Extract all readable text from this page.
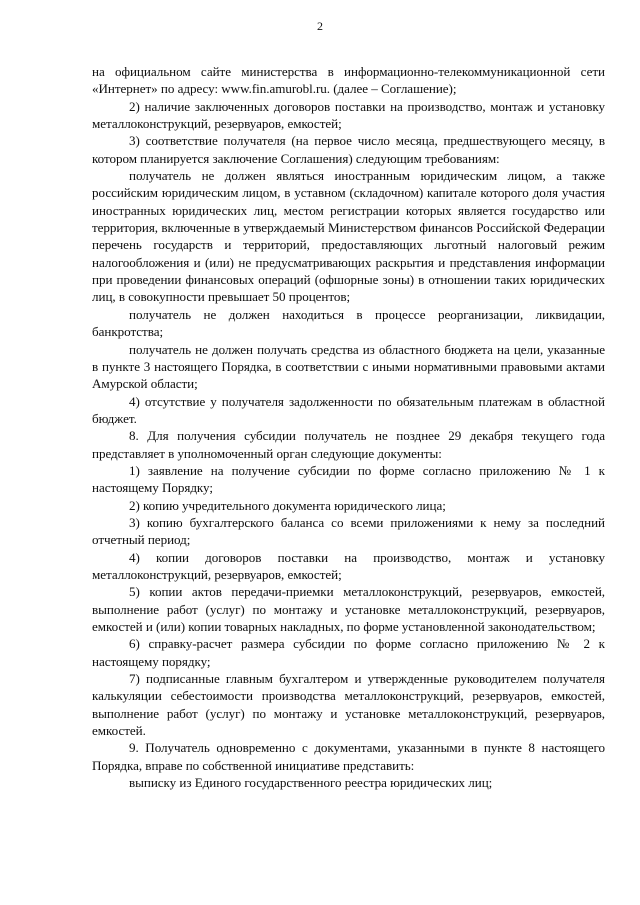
2

на официальном сайте министерства в информационно-телекоммуникационной сети «Интернет» по адресу: www.fin.amurobl.ru. (далее – Соглашение);

2) наличие заключенных договоров поставки на производство, монтаж и установку металлоконструкций, резервуаров, емкостей;

3) соответствие получателя (на первое число месяца, предшествующего месяцу, в котором планируется заключение Соглашения) следующим требованиям:

получатель не должен являться иностранным юридическим лицом, а также российским юридическим лицом, в уставном (складочном) капитале которого доля участия иностранных юридических лиц, местом регистрации которых является государство или территория, включенные в утверждаемый Министерством финансов Российской Федерации перечень государств и территорий, предоставляющих льготный налоговый режим налогообложения и (или) не предусматривающих раскрытия и представления информации при проведении финансовых операций (офшорные зоны) в отношении таких юридических лиц, в совокупности превышает 50 процентов;

получатель не должен находиться в процессе реорганизации, ликвидации, банкротства;

получатель не должен получать средства из областного бюджета на цели, указанные в пункте 3 настоящего Порядка, в соответствии с иными нормативными правовыми актами Амурской области;

4) отсутствие у получателя задолженности по обязательным платежам в областной бюджет.

8. Для получения субсидии получатель не позднее 29 декабря текущего года представляет в уполномоченный орган следующие документы:

1) заявление на получение субсидии по форме согласно приложению № 1 к настоящему Порядку;

2) копию учредительного документа юридического лица;

3) копию бухгалтерского баланса со всеми приложениями к нему за последний отчетный период;

4) копии договоров поставки на производство, монтаж и установку металлоконструкций, резервуаров, емкостей;

5) копии актов передачи-приемки металлоконструкций, резервуаров, емкостей, выполнение работ (услуг) по монтажу и установке металлоконструкций, резервуаров, емкостей и (или) копии товарных накладных, по форме установленной законодательством;

6) справку-расчет размера субсидии по форме согласно приложению № 2 к настоящему порядку;

7) подписанные главным бухгалтером и утвержденные руководителем получателя калькуляции себестоимости производства металлоконструкций, резервуаров, емкостей, выполнение работ (услуг) по монтажу и установке металлоконструкций, резервуаров, емкостей.

9. Получатель одновременно с документами, указанными в пункте 8 настоящего Порядка, вправе по собственной инициативе представить:

выписку из Единого государственного реестра юридических лиц;
